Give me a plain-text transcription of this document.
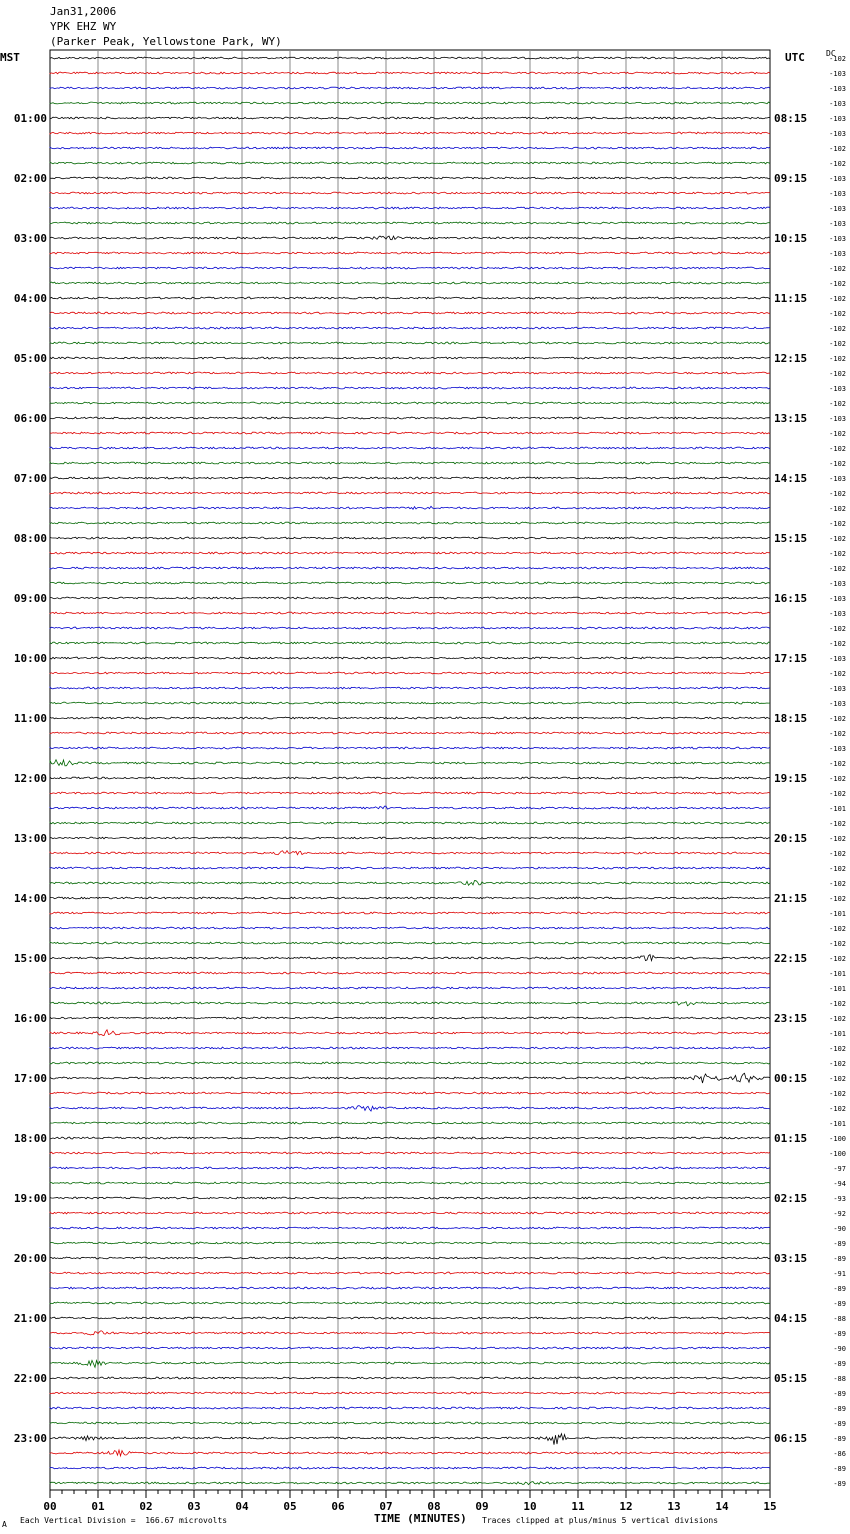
Jan31,2006
YPK EHZ WY
(Parker Peak, Yellowstone Park, WY)
MST	UTC	DC
-102
-103
-103
-103
-103
-103
-102
-102
-103
-103
-103
-103
-103
-103
-102
-102
-102
-102
-102
-102
-102
-102
-103
-102
-103
-102
-102
-102
-103
-102
-102
-102
-102
-102
-102
-103
-103
-103
-102
-102
-103
-102
-103
-103
-102
-102
-103
-102
-102
-102
-101
-102
-102
-102
-102
-102
-102
-101
-102
-102
-102
-101
-101
-102
-102
-101
-102
-102
-102
-102
-102
-101
-100
-100
-97
-94
-93
-92
-90
-89
-89
-91
-89
-89
-88
-89
-90
-89
-88
-89
-89
-89
-89
-86
-89
-89
01:00	08:15
02:00	09:15
03:00	10:15
04:00	11:15
05:00	12:15
06:00	13:15
07:00	14:15
08:00	15:15
09:00	16:15
10:00	17:15
11:00	18:15
12:00	19:15
13:00	20:15
14:00	21:15
15:00	22:15
16:00	23:15
17:00	00:15
18:00	01:15
19:00	02:15
20:00	03:15
21:00	04:15
22:00	05:15
23:00	06:15
00	01	02	03	04	05	06	07	08	09	10	11	12	13	14	15
A Each Vertical Division =  166.67 microvolts	TIME (MINUTES) Traces clipped at plus/minus 5 vertical divisions
